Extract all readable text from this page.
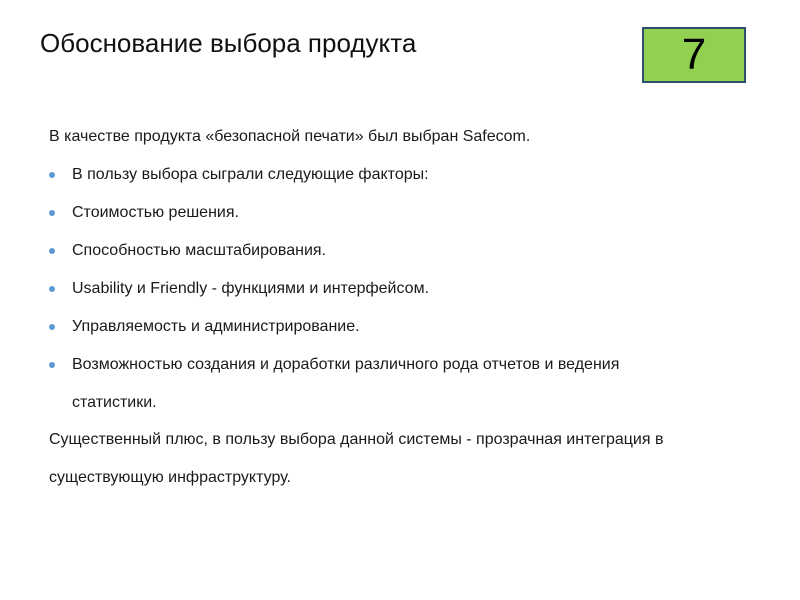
Обоснование выбора продукта	7

В качестве продукта «безопасной печати» был выбран Safecom.

В пользу выбора сыграли следующие факторы:
Стоимостью решения.
Способностью масштабирования.
Usability и Friendly - функциями и интерфейсом.
Управляемость и администрирование.
Возможностью создания и доработки различного рода отчетов и ведения статистики.

Существенный плюс, в пользу выбора данной системы - прозрачная интеграция в существующую инфраструктуру.
